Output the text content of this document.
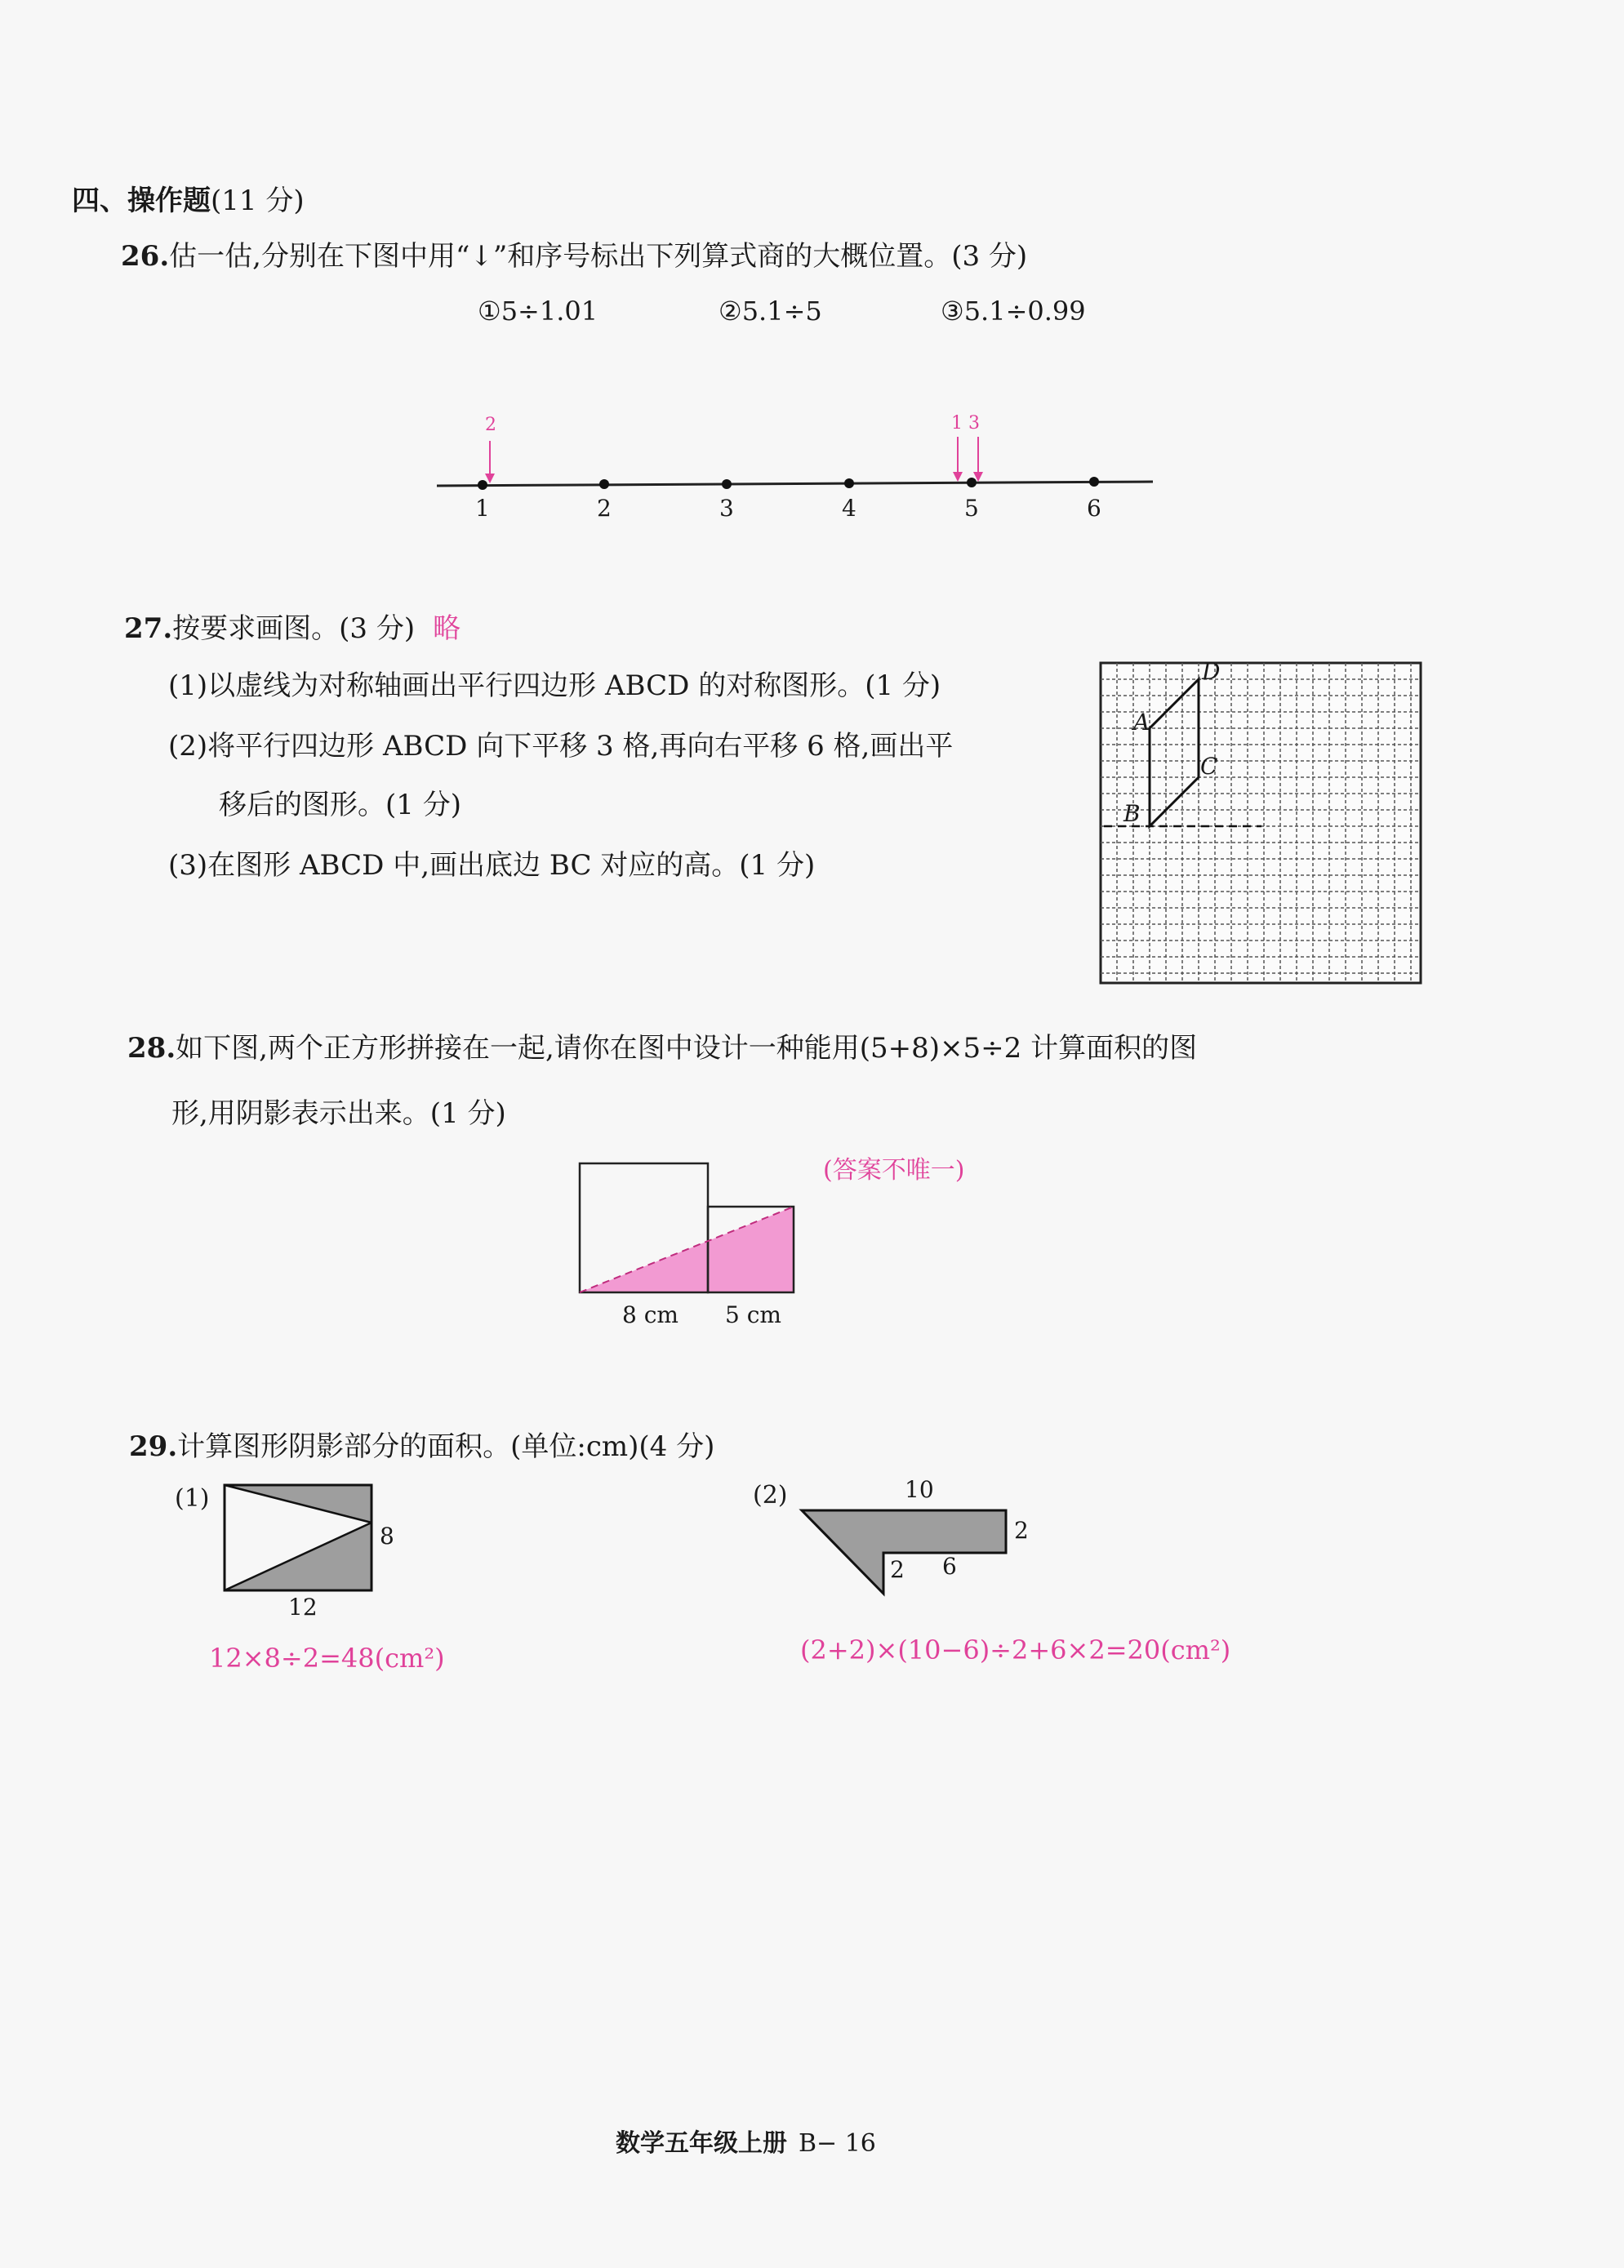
四、操作题(11 分)
26.估一估,分别在下图中用“↓”和序号标出下列算式商的大概位置。(3 分)
①5÷1.01	②5.1÷5	③5.1÷0.99
1	2	3	4	5	6
2	1 3
27.按要求画图。(3 分) 略
(1)以虚线为对称轴画出平行四边形 ABCD 的对称图形。(1 分)
(2)将平行四边形 ABCD 向下平移 3 格,再向右平移 6 格,画出平
移后的图形。(1 分)
(3)在图形 ABCD 中,画出底边 BC 对应的高。(1 分)
A
B
C
D
28.如下图,两个正方形拼接在一起,请你在图中设计一种能用(5+8)×5÷2 计算面积的图
形,用阴影表示出来。(1 分)
(答案不唯一)
8 cm 5 cm
29.计算图形阴影部分的面积。(单位:cm)(4 分)
(1)
8
12
12×8÷2=48(cm²)
(2)	10
2
2 6
(2+2)×(10−6)÷2+6×2=20(cm²)
数学五年级上册 B− 16
